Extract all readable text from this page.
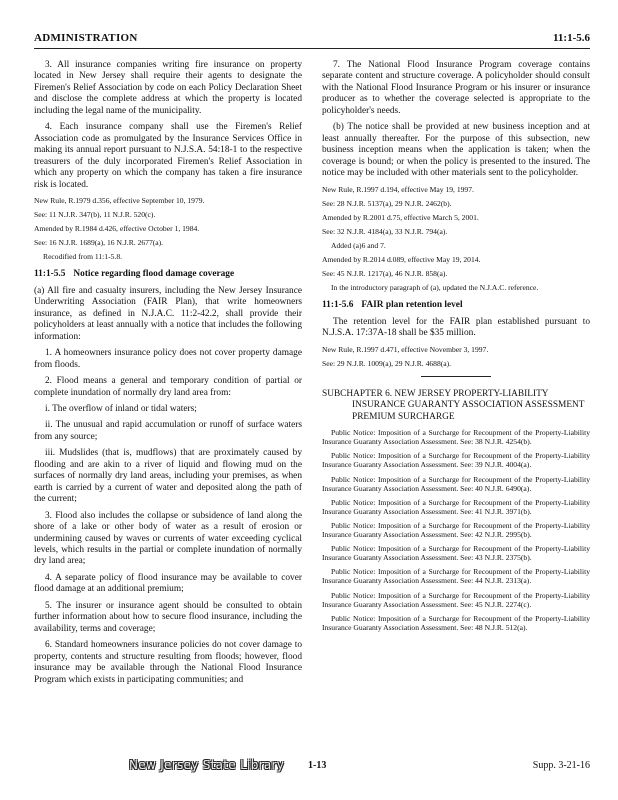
ADMINISTRATION	11:1-5.6

3. All insurance companies writing fire insurance on property located in New Jersey shall require their agents to designate the Firemen's Relief Association by code on each Policy Declaration Sheet and disclose the complete address at which the property is located including the legal name of the municipality.

4. Each insurance company shall use the Firemen's Relief Association code as promulgated by the Insurance Services Office in making its annual report pursuant to N.J.S.A. 54:18-1 to the respective treasurers of the duly incorporated Firemen's Relief Association in which any property on which the company has taken a fire insurance risk is located.

New Rule, R.1979 d.356, effective September 10, 1979.

See: 11 N.J.R. 347(b), 11 N.J.R. 520(c).

Amended by R.1984 d.426, effective October 1, 1984.

See: 16 N.J.R. 1689(a), 16 N.J.R. 2677(a).

Recodified from 11:1-5.8.

11:1-5.5 Notice regarding flood damage coverage

(a) All fire and casualty insurers, including the New Jersey Insurance Underwriting Association (FAIR Plan), that write homeowners insurance, as defined in N.J.A.C. 11:2-42.2, shall provide their policyholders at least annually with a notice that includes the following information:

1. A homeowners insurance policy does not cover property damage from floods.

2. Flood means a general and temporary condition of partial or complete inundation of normally dry land area from:

i. The overflow of inland or tidal waters;

ii. The unusual and rapid accumulation or runoff of surface waters from any source;

iii. Mudslides (that is, mudflows) that are proximately caused by flooding and are akin to a river of liquid and flowing mud on the surfaces of normally dry land areas, including your premises, as when earth is carried by a current of water and deposited along the path of the current;

3. Flood also includes the collapse or subsidence of land along the shore of a lake or other body of water as a result of erosion or undermining caused by waves or currents of water exceeding cyclical levels, which results in the partial or complete inundation of normally dry land area;

4. A separate policy of flood insurance may be available to cover flood damage at an additional premium;

5. The insurer or insurance agent should be consulted to obtain further information about how to secure flood insurance, including the availability, terms and coverage;

6. Standard homeowners insurance policies do not cover damage to property, contents and structure resulting from floods; however, flood insurance may be available through the National Flood Insurance Program which exists in participating communities; and

7. The National Flood Insurance Program coverage contains separate content and structure coverage. A policyholder should consult with the National Flood Insurance Program or his insurer or insurance producer as to whether the coverage selected is appropriate to the policyholder's needs.

(b) The notice shall be provided at new business inception and at least annually thereafter. For the purpose of this subsection, new business inception means when the application is taken; when the coverage is bound; or when the policy is presented to the insured. The notice may be included with other materials sent to the policyholder.

New Rule, R.1997 d.194, effective May 19, 1997.

See: 28 N.J.R. 5137(a), 29 N.J.R. 2462(b).

Amended by R.2001 d.75, effective March 5, 2001.

See: 32 N.J.R. 4184(a), 33 N.J.R. 794(a).

Added (a)6 and 7.

Amended by R.2014 d.089, effective May 19, 2014.

See: 45 N.J.R. 1217(a), 46 N.J.R. 858(a).

In the introductory paragraph of (a), updated the N.J.A.C. reference.

11:1-5.6 FAIR plan retention level

The retention level for the FAIR plan established pursuant to N.J.S.A. 17:37A-18 shall be $35 million.

New Rule, R.1997 d.471, effective November 3, 1997.

See: 29 N.J.R. 1009(a), 29 N.J.R. 4688(a).

SUBCHAPTER 6. NEW JERSEY PROPERTY-LIABILITY INSURANCE GUARANTY ASSOCIATION ASSESSMENT PREMIUM SURCHARGE

Public Notice: Imposition of a Surcharge for Recoupment of the Property-Liability Insurance Guaranty Association Assessment. See: 38 N.J.R. 4254(b).

Public Notice: Imposition of a Surcharge for Recoupment of the Property-Liability Insurance Guaranty Association Assessment. See: 39 N.J.R. 4004(a).

Public Notice: Imposition of a Surcharge for Recoupment of the Property-Liability Insurance Guaranty Association Assessment. See: 40 N.J.R. 6490(a).

Public Notice: Imposition of a Surcharge for Recoupment of the Property-Liability Insurance Guaranty Association Assessment. See: 41 N.J.R. 3971(b).

Public Notice: Imposition of a Surcharge for Recoupment of the Property-Liability Insurance Guaranty Association Assessment. See: 42 N.J.R. 2995(b).

Public Notice: Imposition of a Surcharge for Recoupment of the Property-Liability Insurance Guaranty Association Assessment. See: 43 N.J.R. 2375(b).

Public Notice: Imposition of a Surcharge for Recoupment of the Property-Liability Insurance Guaranty Association Assessment. See: 44 N.J.R. 2313(a).

Public Notice: Imposition of a Surcharge for Recoupment of the Property-Liability Insurance Guaranty Association Assessment. See: 45 N.J.R. 2274(c).

Public Notice: Imposition of a Surcharge for Recoupment of the Property-Liability Insurance Guaranty Association Assessment. See: 48 N.J.R. 512(a).

New Jersey State Library 1-13	Supp. 3-21-16
